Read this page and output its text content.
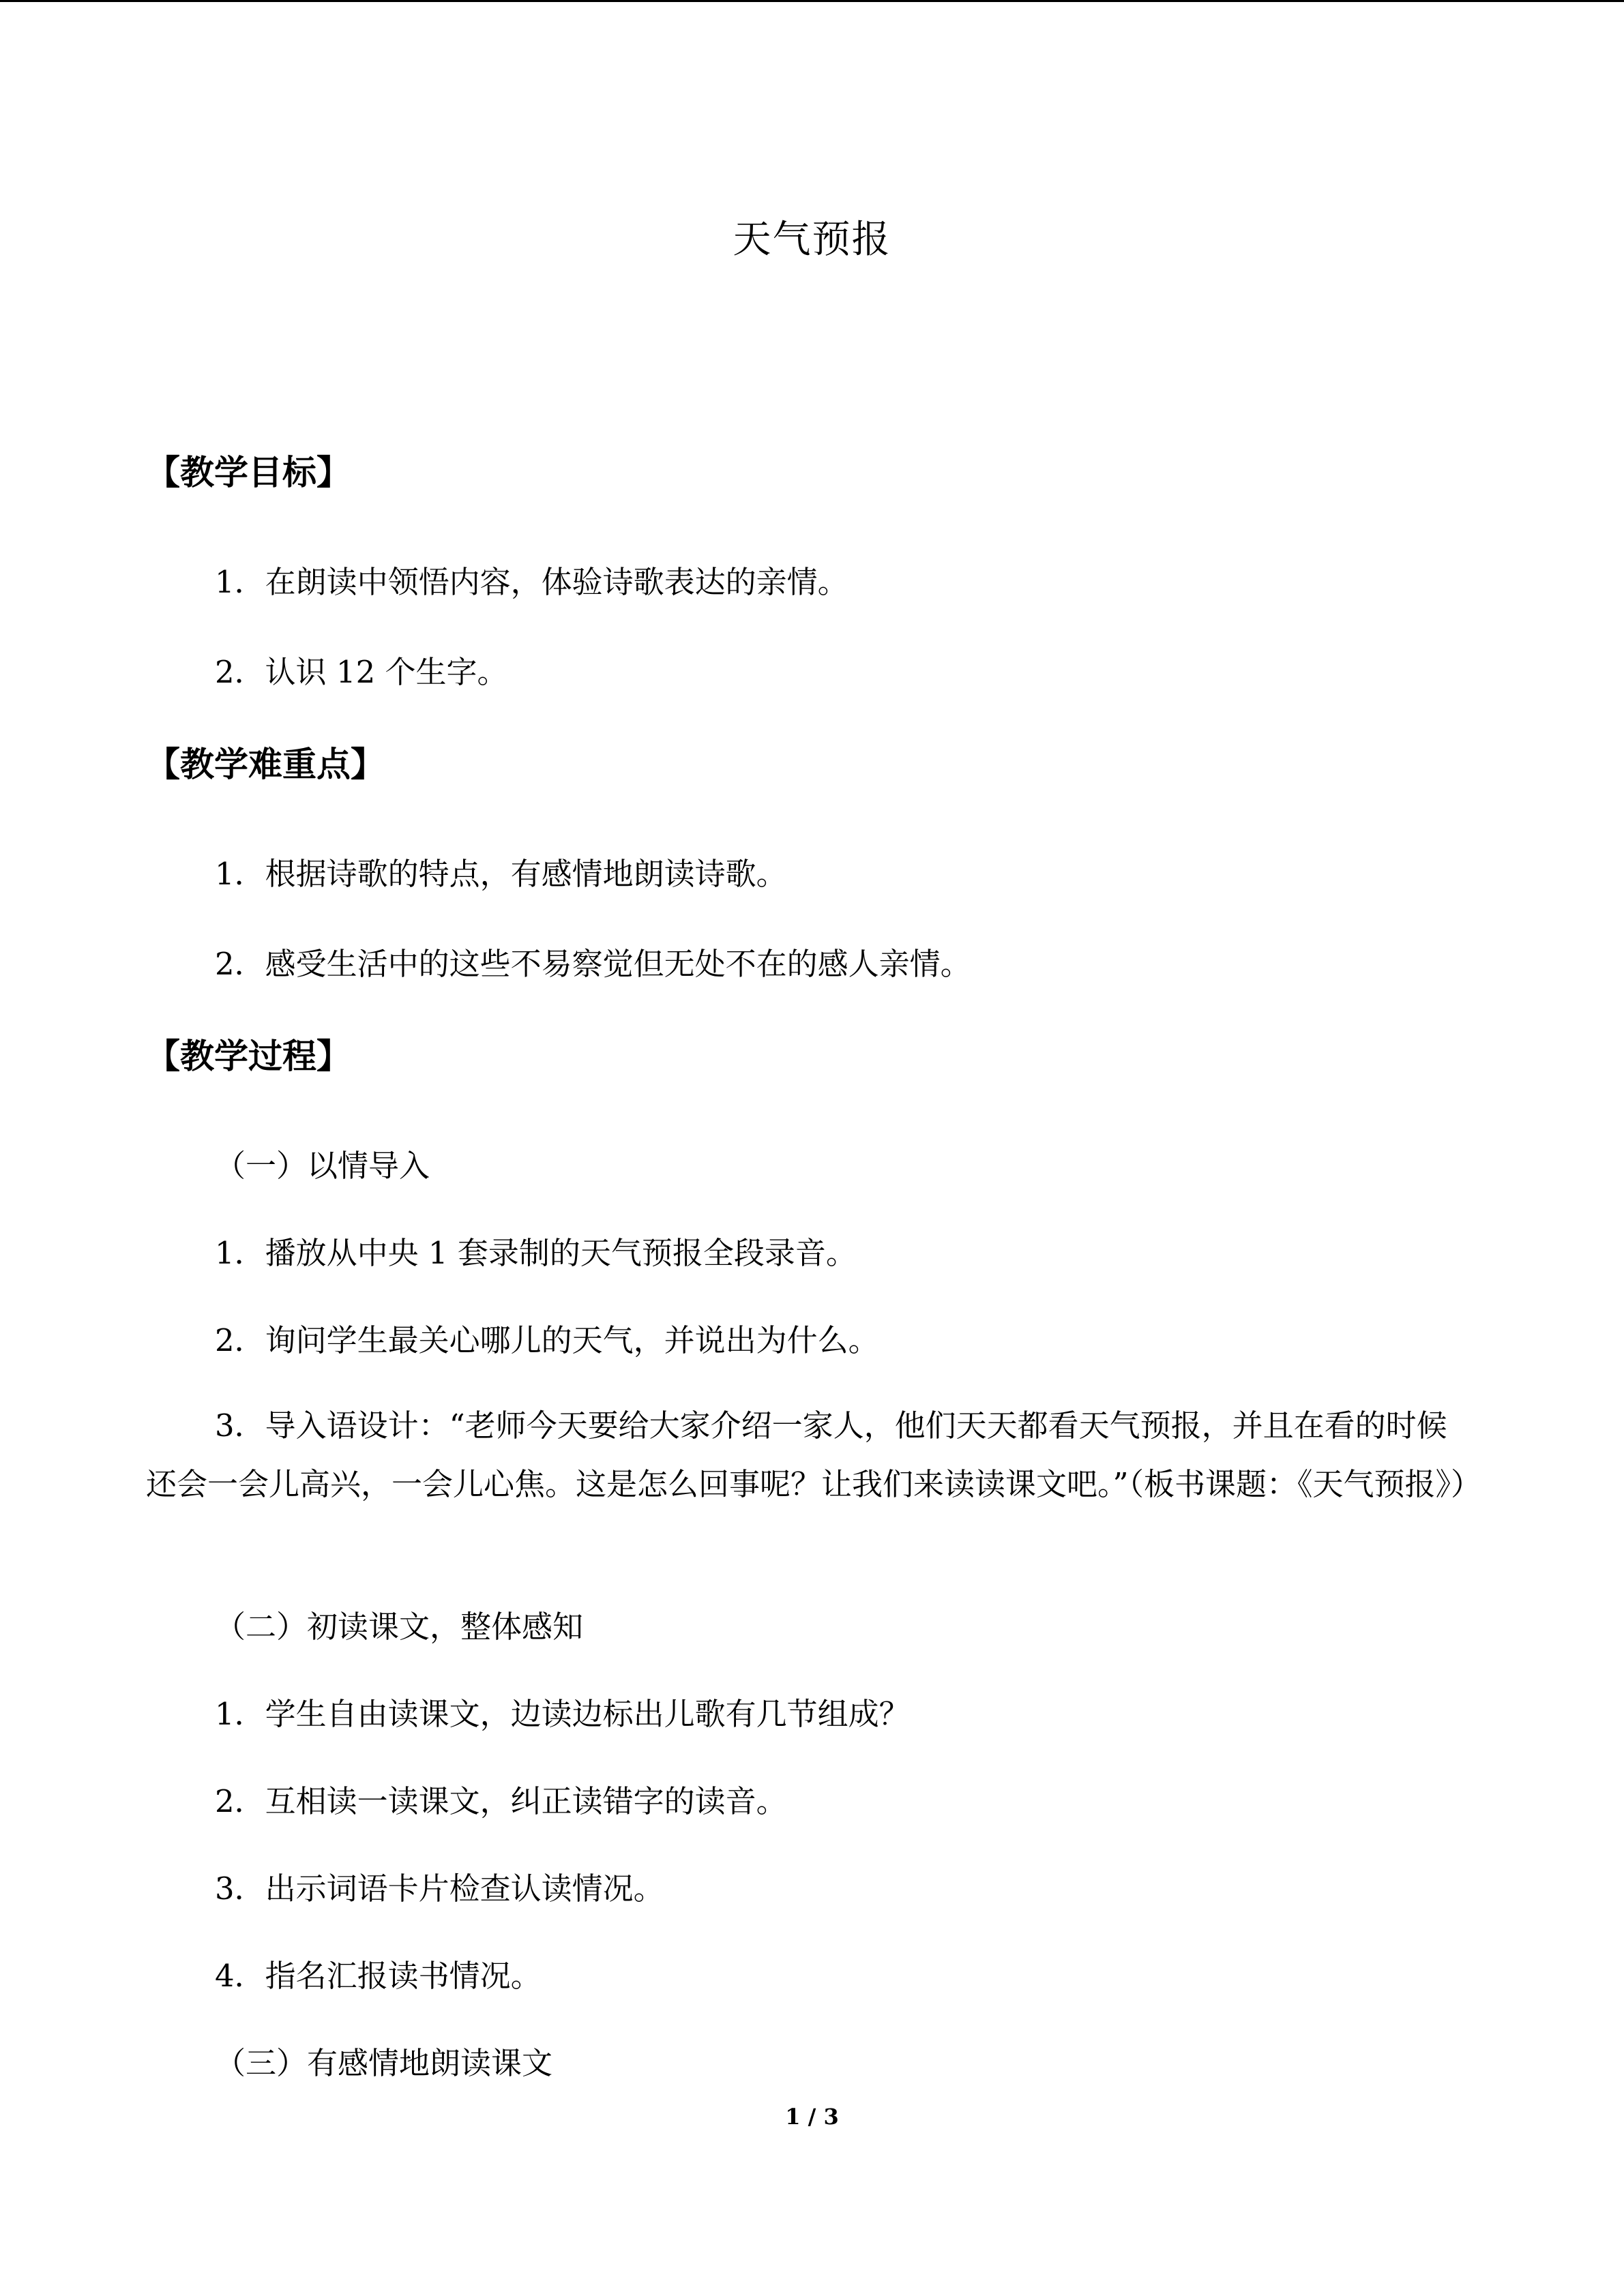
天气预报
【教学目标】
1．在朗读中领悟内容，体验诗歌表达的亲情。
2．认识 12 个生字。
【教学难重点】
1．根据诗歌的特点，有感情地朗读诗歌。
2．感受生活中的这些不易察觉但无处不在的感人亲情。
【教学过程】
（一）以情导入
1．播放从中央 1 套录制的天气预报全段录音。
2．询问学生最关心哪儿的天气，并说出为什么。
3．导入语设计：“老师今天要给大家介绍一家人，他们天天都看天气预报，并且在看的时候还会一会儿高兴，一会儿心焦。这是怎么回事呢？让我们来读读课文吧。”（板书课题：《天气预报》）
（二）初读课文，整体感知
1．学生自由读课文，边读边标出儿歌有几节组成？
2．互相读一读课文，纠正读错字的读音。
3．出示词语卡片检查认读情况。
4．指名汇报读书情况。
（三）有感情地朗读课文
1 / 3
